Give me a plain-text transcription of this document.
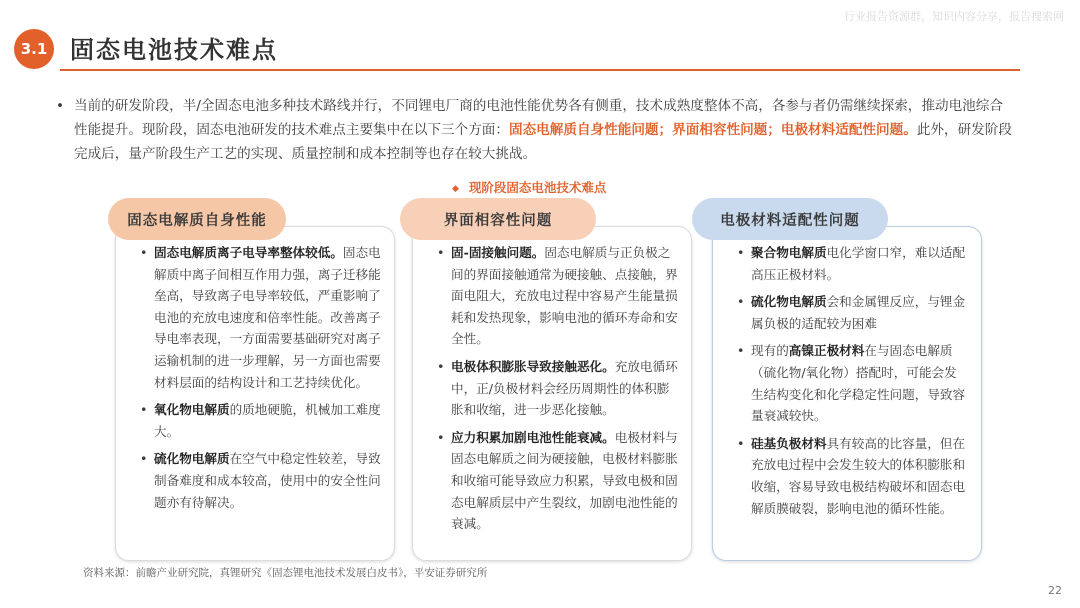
行业报告资源群，知识内容分享，报告搜索网
3.1 固态电池技术难点
• 当前的研发阶段，半/全固态电池多种技术路线并行，不同锂电厂商的电池性能优势各有侧重，技术成熟度整体不高，各参与者仍需继续探索，推动电池综合性能提升。现阶段，固态电池研发的技术难点主要集中在以下三个方面：固态电解质自身性能问题；界面相容性问题；电极材料适配性问题。此外，研发阶段完成后，量产阶段生产工艺的实现、质量控制和成本控制等也存在较大挑战。
◆ 现阶段固态电池技术难点
• 固态电解质离子电导率整体较低。固态电解质中离子间相互作用力强，离子迁移能垒高，导致离子电导率较低，严重影响了电池的充放电速度和倍率性能。改善离子导电率表现，一方面需要基础研究对离子运输机制的进一步理解，另一方面也需要材料层面的结构设计和工艺持续优化。
• 氧化物电解质的质地硬脆，机械加工难度大。
• 硫化物电解质在空气中稳定性较差，导致制备难度和成本较高，使用中的安全性问题亦有待解决。
固态电解质自身性能
• 固-固接触问题。固态电解质与正负极之间的界面接触通常为硬接触、点接触，界面电阻大，充放电过程中容易产生能量损耗和发热现象，影响电池的循环寿命和安全性。
• 电极体积膨胀导致接触恶化。充放电循环中，正/负极材料会经历周期性的体积膨胀和收缩，进一步恶化接触。
• 应力积累加剧电池性能衰减。电极材料与固态电解质之间为硬接触，电极材料膨胀和收缩可能导致应力积累，导致电极和固态电解质层中产生裂纹，加剧电池性能的衰减。
界面相容性问题
• 聚合物电解质电化学窗口窄，难以适配高压正极材料。
• 硫化物电解质会和金属锂反应，与锂金属负极的适配较为困难
• 现有的高镍正极材料在与固态电解质（硫化物/氧化物）搭配时，可能会发生结构变化和化学稳定性问题，导致容量衰减较快。
• 硅基负极材料具有较高的比容量，但在充放电过程中会发生较大的体积膨胀和收缩，容易导致电极结构破坏和固态电解质膜破裂，影响电池的循环性能。
电极材料适配性问题
资料来源：前瞻产业研究院，真锂研究《固态锂电池技术发展白皮书》，平安证券研究所
22
